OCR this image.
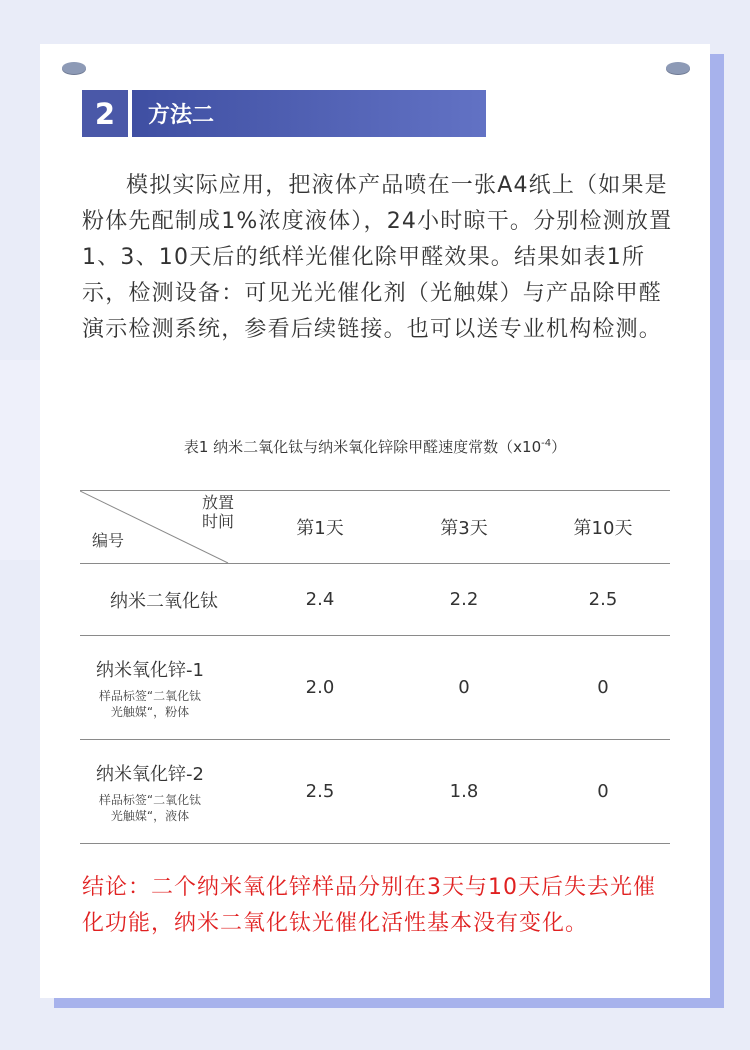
2	方法二

模拟实际应用，把液体产品喷在一张A4纸上（如果是粉体先配制成1%浓度液体），24小时晾干。分别检测放置1、3、10天后的纸样光催化除甲醛效果。结果如表1所示，检测设备：可见光光催化剂（光触媒）与产品除甲醛演示检测系统，参看后续链接。也可以送专业机构检测。

表1 纳米二氧化钛与纳米氧化锌除甲醛速度常数$(x10^{-4})$
放置
时间
编号	第1天	第3天	第10天

纳米二氧化钛	2.4	2.2	2.5

纳米氧化锌-1
样品标签“二氧化钛
光触媒“，粉体	2.0	0	0

纳米氧化锌-2
样品标签“二氧化钛
光触媒“，液体	2.5	1.8	0

结论：二个纳米氧化锌样品分别在3天与10天后失去光催化功能，纳米二氧化钛光催化活性基本没有变化。
